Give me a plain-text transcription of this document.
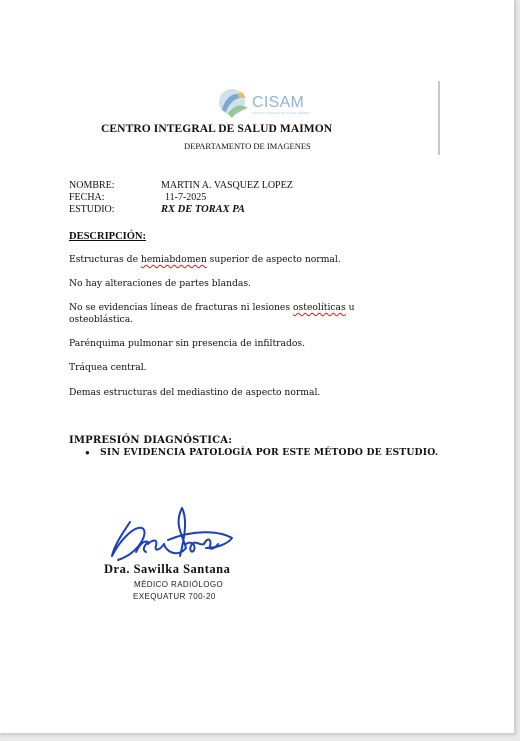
CISAM
CENTRO INTEGRAL DE SALUD MAIMON
CENTRO INTEGRAL DE SALUD MAIMON
DEPARTAMENTO DE IMAGENES
NOMBRE:	MARTIN A. VASQUEZ LOPEZ
FECHA:	11-7-2025
ESTUDIO:	RX DE TORAX PA
DESCRIPCIÓN:
Estructuras de hemiabdomen superior de aspecto normal.
No hay alteraciones de partes blandas.
No se evidencias líneas de fracturas ni lesiones osteolíticas u osteoblástica.
Parénquima pulmonar sin presencia de infiltrados.
Tráquea central.
Demas estructuras del mediastino de aspecto normal.
IMPRESIÓN DIAGNÓSTICA:
● SIN EVIDENCIA PATOLOGÍA POR ESTE MÉTODO DE ESTUDIO.
Dra. Sawilka Santana
MÉDICO RADIÓLOGO
EXEQUATUR 700-20
